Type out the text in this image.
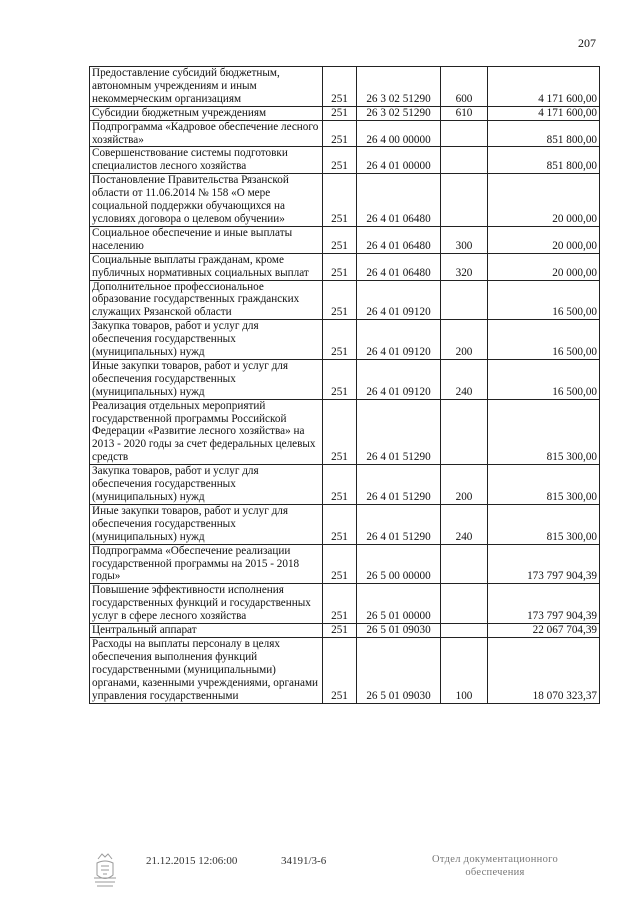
207
Предоставление субсидий бюджетным, автономным учреждениям и иным некоммерческим организациям	251	26 3 02 51290	600	4 171 600,00
Субсидии бюджетным учреждениям	251	26 3 02 51290	610	4 171 600,00
Подпрограмма «Кадровое обеспечение лесного хозяйства»	251	26 4 00 00000		851 800,00
Совершенствование системы подготовки специалистов лесного хозяйства	251	26 4 01 00000		851 800,00
Постановление Правительства Рязанской области от 11.06.2014 № 158 «О мере социальной поддержки обучающихся на условиях договора о целевом обучении»	251	26 4 01 06480		20 000,00
Социальное обеспечение и иные выплаты населению	251	26 4 01 06480	300	20 000,00
Социальные выплаты гражданам, кроме публичных нормативных социальных выплат	251	26 4 01 06480	320	20 000,00
Дополнительное профессиональное образование государственных гражданских служащих Рязанской области	251	26 4 01 09120		16 500,00
Закупка товаров, работ и услуг для обеспечения государственных (муниципальных) нужд	251	26 4 01 09120	200	16 500,00
Иные закупки товаров, работ и услуг для обеспечения государственных (муниципальных) нужд	251	26 4 01 09120	240	16 500,00
Реализация отдельных мероприятий государственной программы Российской Федерации «Развитие лесного хозяйства» на 2013 - 2020 годы за счет федеральных целевых средств	251	26 4 01 51290		815 300,00
Закупка товаров, работ и услуг для обеспечения государственных (муниципальных) нужд	251	26 4 01 51290	200	815 300,00
Иные закупки товаров, работ и услуг для обеспечения государственных (муниципальных) нужд	251	26 4 01 51290	240	815 300,00
Подпрограмма «Обеспечение реализации государственной программы на 2015 - 2018 годы»	251	26 5 00 00000		173 797 904,39
Повышение эффективности исполнения государственных функций и государственных услуг в сфере лесного хозяйства	251	26 5 01 00000		173 797 904,39
Центральный аппарат	251	26 5 01 09030		22 067 704,39
Расходы на выплаты персоналу в целях обеспечения выполнения функций государственными (муниципальными) органами, казенными учреждениями, органами управления государственными	251	26 5 01 09030	100	18 070 323,37
21.12.2015 12:06:00	34191/3-6	Отдел документационного
обеспечения
